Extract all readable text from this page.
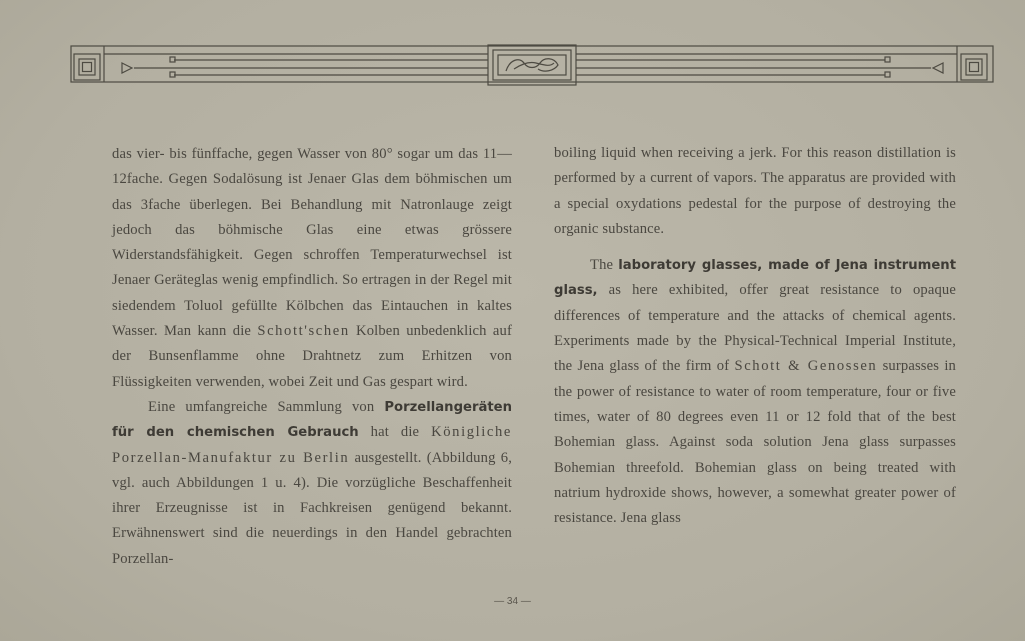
das vier- bis fünffache, gegen Wasser von 80° sogar um das 11—12fache. Gegen Sodalösung ist Jenaer Glas dem böhmischen um das 3fache überlegen. Bei Behandlung mit Natronlauge zeigt jedoch das böhmische Glas eine etwas grössere Widerstandsfähigkeit. Gegen schroffen Temperaturwechsel ist Jenaer Geräteglas wenig empfindlich. So ertragen in der Regel mit siedendem Toluol gefüllte Kölbchen das Eintauchen in kaltes Wasser. Man kann die Schott'schen Kolben unbedenklich auf der Bunsenflamme ohne Drahtnetz zum Erhitzen von Flüssigkeiten verwenden, wobei Zeit und Gas gespart wird.

Eine umfangreiche Sammlung von Porzellangeräten für den chemischen Gebrauch hat die Königliche Porzellan-Manufaktur zu Berlin ausgestellt. (Abbildung 6, vgl. auch Abbildungen 1 u. 4). Die vorzügliche Beschaffenheit ihrer Erzeugnisse ist in Fachkreisen genügend bekannt. Erwähnenswert sind die neuerdings in den Handel gebrachten Porzellan-

boiling liquid when receiving a jerk. For this reason distillation is performed by a current of vapors. The apparatus are provided with a special oxydations pedestal for the purpose of destroying the organic substance.

The laboratory glasses, made of Jena instrument glass, as here exhibited, offer great resistance to opaque differences of temperature and the attacks of chemical agents. Experiments made by the Physical-Technical Imperial Institute, the Jena glass of the firm of Schott & Genossen surpasses in the power of resistance to water of room temperature, four or five times, water of 80 degrees even 11 or 12 fold that of the best Bohemian glass. Against soda solution Jena glass surpasses Bohemian threefold. Bohemian glass on being treated with natrium hydroxide shows, however, a somewhat greater power of resistance. Jena glass

— 34 —
